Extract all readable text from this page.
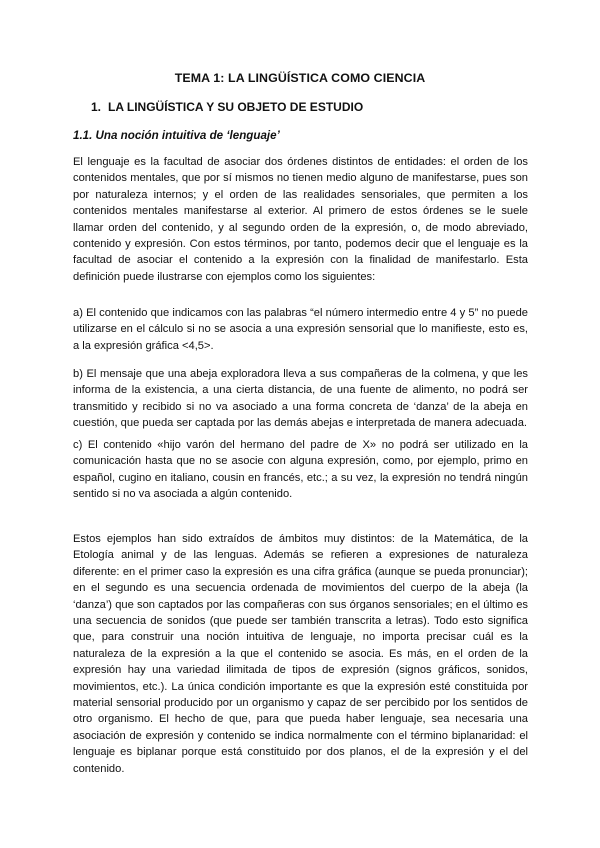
TEMA 1: LA LINGÜÍSTICA COMO CIENCIA
1. LA LINGÜÍSTICA Y SU OBJETO DE ESTUDIO
1.1. Una noción intuitiva de ‘lenguaje’

El lenguaje es la facultad de asociar dos órdenes distintos de entidades: el orden de los contenidos mentales, que por sí mismos no tienen medio alguno de manifestarse, pues son por naturaleza internos; y el orden de las realidades sensoriales, que permiten a los contenidos mentales manifestarse al exterior. Al primero de estos órdenes se le suele llamar orden del contenido, y al segundo orden de la expresión, o, de modo abreviado, contenido y expresión. Con estos términos, por tanto, podemos decir que el lenguaje es la facultad de asociar el contenido a la expresión con la finalidad de manifestarlo. Esta definición puede ilustrarse con ejemplos como los siguientes:

a) El contenido que indicamos con las palabras “el número intermedio entre 4 y 5” no puede utilizarse en el cálculo si no se asocia a una expresión sensorial que lo manifieste, esto es, a la expresión gráfica <4,5>.

b) El mensaje que una abeja exploradora lleva a sus compañeras de la colmena, y que les informa de la existencia, a una cierta distancia, de una fuente de alimento, no podrá ser transmitido y recibido si no va asociado a una forma concreta de ‘danza’ de la abeja en cuestión, que pueda ser captada por las demás abejas e interpretada de manera adecuada.

c) El contenido «hijo varón del hermano del padre de X» no podrá ser utilizado en la comunicación hasta que no se asocie con alguna expresión, como, por ejemplo, primo en español, cugino en italiano, cousin en francés, etc.; a su vez, la expresión no tendrá ningún sentido si no va asociada a algún contenido.

Estos ejemplos han sido extraídos de ámbitos muy distintos: de la Matemática, de la Etología animal y de las lenguas. Además se refieren a expresiones de naturaleza diferente: en el primer caso la expresión es una cifra gráfica (aunque se pueda pronunciar); en el segundo es una secuencia ordenada de movimientos del cuerpo de la abeja (la ‘danza’) que son captados por las compañeras con sus órganos sensoriales; en el último es una secuencia de sonidos (que puede ser también transcrita a letras). Todo esto significa que, para construir una noción intuitiva de lenguaje, no importa precisar cuál es la naturaleza de la expresión a la que el contenido se asocia. Es más, en el orden de la expresión hay una variedad ilimitada de tipos de expresión (signos gráficos, sonidos, movimientos, etc.). La única condición importante es que la expresión esté constituida por material sensorial producido por un organismo y capaz de ser percibido por los sentidos de otro organismo. El hecho de que, para que pueda haber lenguaje, sea necesaria una asociación de expresión y contenido se indica normalmente con el término biplanaridad: el lenguaje es biplanar porque está constituido por dos planos, el de la expresión y el del contenido.
